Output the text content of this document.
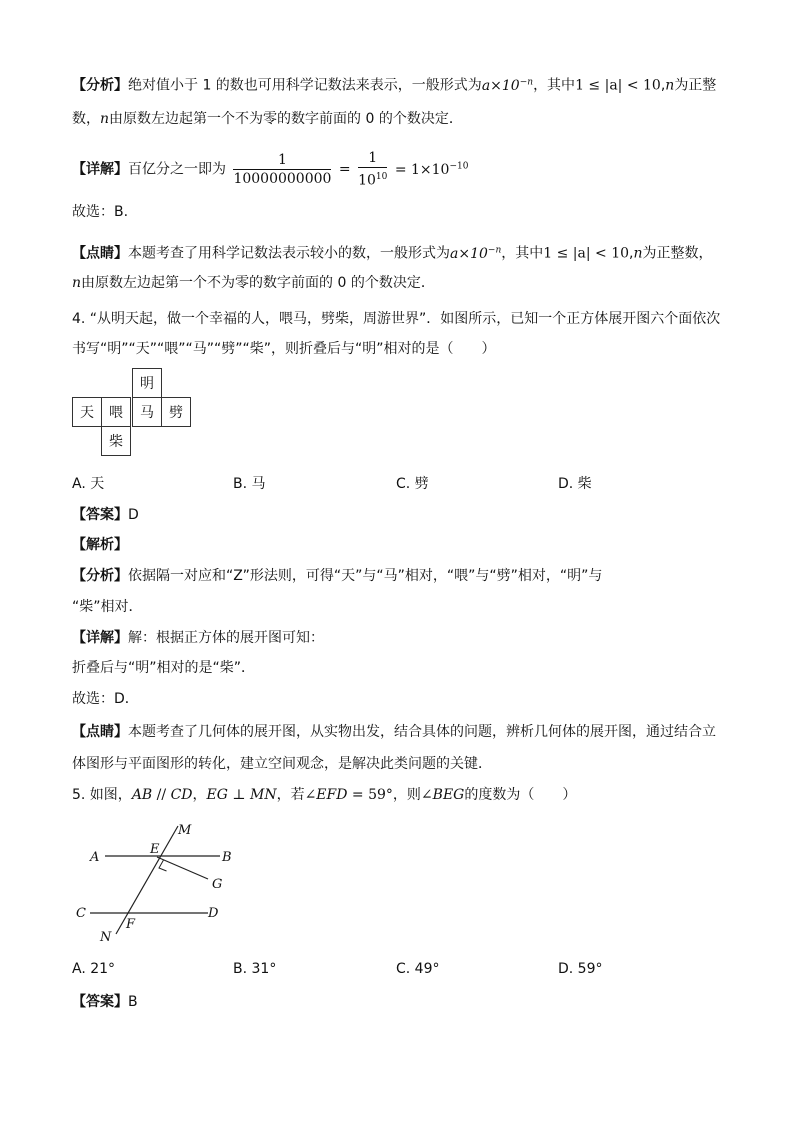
【分析】绝对值小于 1 的数也可用科学记数法来表示，一般形式为$a\times 10^{-n}$，其中1 ≤ |a| < 10,n为正整
数，n由原数左边起第一个不为零的数字前面的 0 的个数决定．
【详解】百亿分之一即为 $\frac{1}{10000000000} = \frac{1}{10^{10}} = 1\times 10^{-10}$
故选：B.
【点睛】本题考查了用科学记数法表示较小的数，一般形式为$a\times 10^{-n}$，其中1 ≤ |a| < 10,n为正整数，
n由原数左边起第一个不为零的数字前面的 0 的个数决定．
4. “从明天起，做一个幸福的人，喂马，劈柴，周游世界”．如图所示，已知一个正方体展开图六个面依次
书写“明”“天”“喂”“马”“劈”“柴”，则折叠后与“明”相对的是（　　）
明
天	喂	马	劈
柴
A. 天	B. 马	C. 劈	D. 柴
【答案】D
【解析】
【分析】依据隔一对应和“Z”形法则，可得“天”与“马”相对，“喂”与“劈”相对，“明”与
“柴”相对．
【详解】解：根据正方体的展开图可知：
折叠后与“明”相对的是“柴”．
故选：D．
【点睛】本题考查了几何体的展开图，从实物出发，结合具体的问题，辨析几何体的展开图，通过结合立
体图形与平面图形的转化，建立空间观念，是解决此类问题的关键．
5. 如图，AB // CD，EG ⊥ MN，若∠EFD = 59°，则∠BEG的度数为（　　）
M
A
E
B
G
C	D
F
N
A. 21°	B. 31°	C. 49°	D. 59°
【答案】B
